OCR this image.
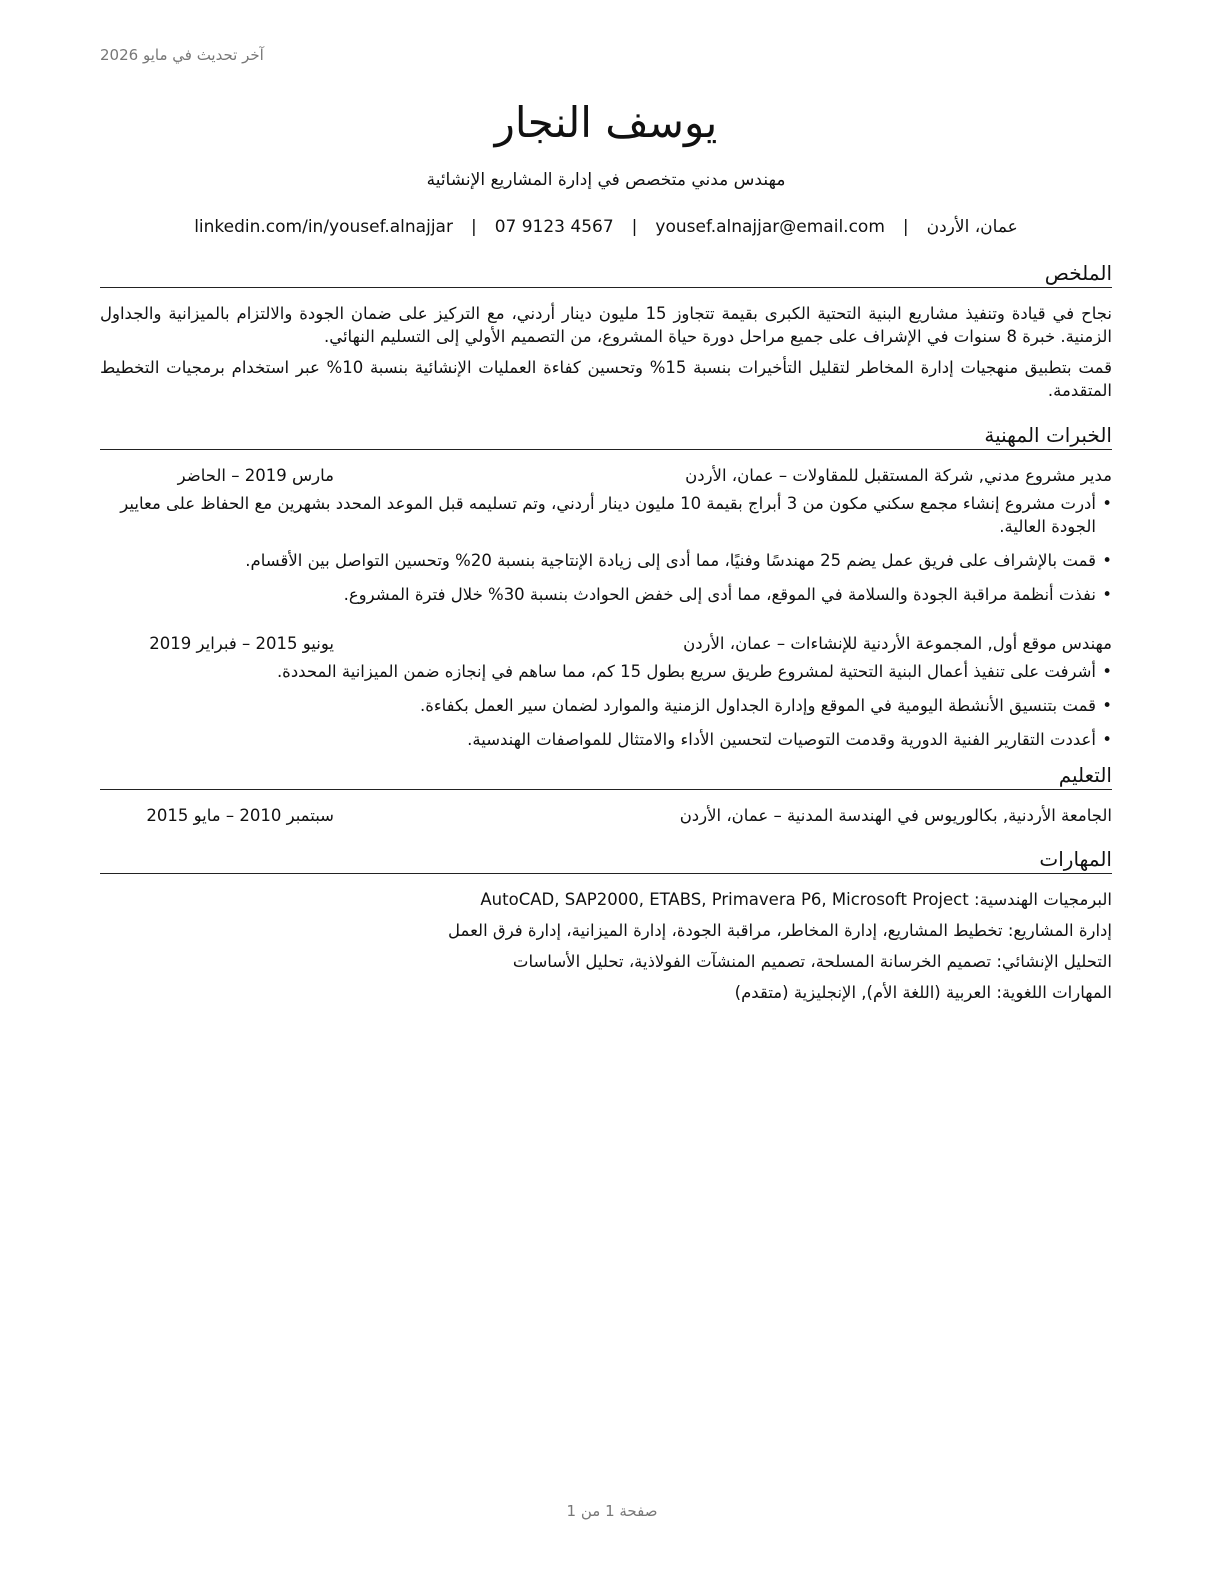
آخر تحديث في مايو 2026
يوسف النجار
مهندس مدني متخصص في إدارة المشاريع الإنشائية
عمان، الأردن
|
yousef.alnajjar@email.com
|
07 9123 4567
|
linkedin.com/in/yousef.alnajjar
الملخص

نجاح في قيادة وتنفيذ مشاريع البنية التحتية الكبرى بقيمة تتجاوز 15 مليون دينار أردني، مع التركيز على ضمان الجودة والالتزام بالميزانية والجداول الزمنية. خبرة 8 سنوات في الإشراف على جميع مراحل دورة حياة المشروع، من التصميم الأولي إلى التسليم النهائي.

قمت بتطبيق منهجيات إدارة المخاطر لتقليل التأخيرات بنسبة 15% وتحسين كفاءة العمليات الإنشائية بنسبة 10% عبر استخدام برمجيات التخطيط المتقدمة.

الخبرات المهنية
مدير مشروع مدني, شركة المستقبل للمقاولات – عمان، الأردن
مارس 2019 – الحاضر
• أدرت مشروع إنشاء مجمع سكني مكون من 3 أبراج بقيمة 10 مليون دينار أردني، وتم تسليمه قبل الموعد المحدد بشهرين مع الحفاظ على معايير الجودة العالية.
• قمت بالإشراف على فريق عمل يضم 25 مهندسًا وفنيًا، مما أدى إلى زيادة الإنتاجية بنسبة 20% وتحسين التواصل بين الأقسام.
• نفذت أنظمة مراقبة الجودة والسلامة في الموقع، مما أدى إلى خفض الحوادث بنسبة 30% خلال فترة المشروع.
مهندس موقع أول, المجموعة الأردنية للإنشاءات – عمان، الأردن
يونيو 2015 – فبراير 2019
• أشرفت على تنفيذ أعمال البنية التحتية لمشروع طريق سريع بطول 15 كم، مما ساهم في إنجازه ضمن الميزانية المحددة.
• قمت بتنسيق الأنشطة اليومية في الموقع وإدارة الجداول الزمنية والموارد لضمان سير العمل بكفاءة.
• أعددت التقارير الفنية الدورية وقدمت التوصيات لتحسين الأداء والامتثال للمواصفات الهندسية.
التعليم
الجامعة الأردنية, بكالوريوس في الهندسة المدنية – عمان، الأردن
سبتمبر 2010 – مايو 2015
المهارات
البرمجيات الهندسية: AutoCAD, SAP2000, ETABS, Primavera P6, Microsoft Project
إدارة المشاريع: تخطيط المشاريع، إدارة المخاطر، مراقبة الجودة، إدارة الميزانية، إدارة فرق العمل
التحليل الإنشائي: تصميم الخرسانة المسلحة، تصميم المنشآت الفولاذية، تحليل الأساسات
المهارات اللغوية: العربية (اللغة الأم), الإنجليزية (متقدم)
صفحة 1 من 1
